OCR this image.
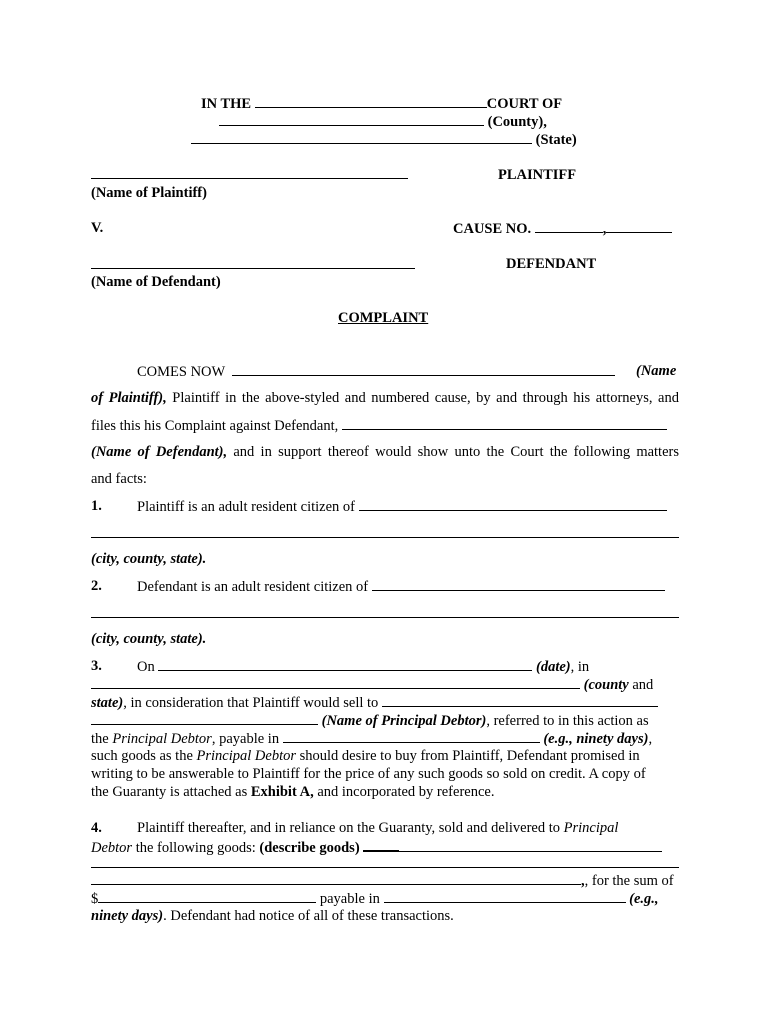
IN THE	COURT OF
(County),
(State)
PLAINTIFF
(Name of Plaintiff)
V.	CAUSE NO.	,
DEFENDANT
(Name of Defendant)
COMPLAINT
COMES NOW	(Name
of Plaintiff), Plaintiff in the above-styled and numbered cause, by and through his attorneys, and
files this his Complaint against Defendant,
(Name of Defendant), and in support thereof would show unto the Court the following matters
and facts:
1. Plaintiff is an adult resident citizen of
(city, county, state).
2. Defendant is an adult resident citizen of
(city, county, state).
3. On	(date), in
(county and
state), in consideration that Plaintiff would sell to
(Name of Principal Debtor), referred to in this action as
the Principal Debtor, payable in	(e.g., ninety days),
such goods as the Principal Debtor should desire to buy from Plaintiff, Defendant promised in
writing to be answerable to Plaintiff for the price of any such goods so sold on credit. A copy of
the Guaranty is attached as Exhibit A, and incorporated by reference.
4. Plaintiff thereafter, and in reliance on the Guaranty, sold and delivered to Principal
Debtor the following goods: (describe goods)
,, for the sum of
$	payable in	(e.g.,
ninety days). Defendant had notice of all of these transactions.
